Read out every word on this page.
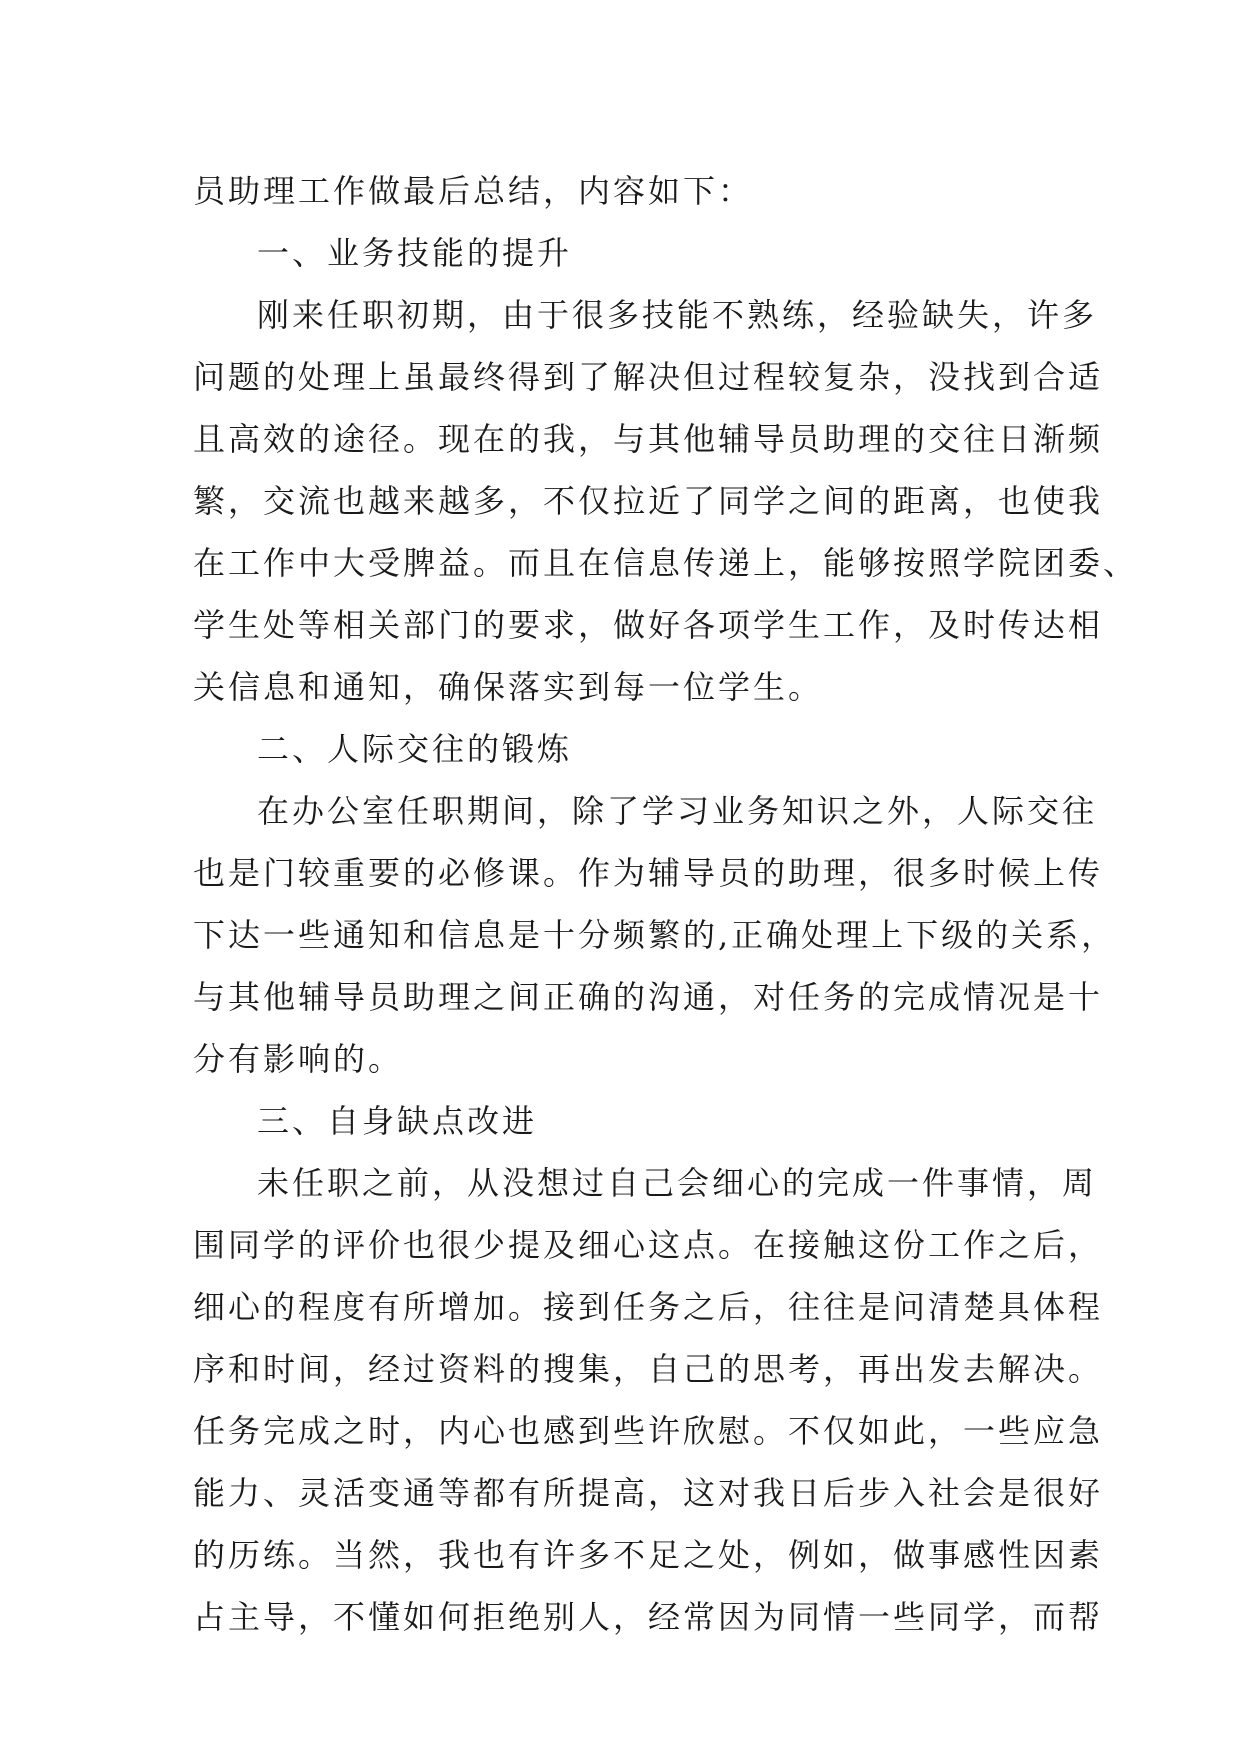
员助理工作做最后总结，内容如下：
一、业务技能的提升
刚来任职初期，由于很多技能不熟练，经验缺失，许多
问题的处理上虽最终得到了解决但过程较复杂，没找到合适
且高效的途径。现在的我，与其他辅导员助理的交往日渐频
繁，交流也越来越多，不仅拉近了同学之间的距离，也使我
在工作中大受脾益。而且在信息传递上，能够按照学院团委、
学生处等相关部门的要求，做好各项学生工作，及时传达相
关信息和通知，确保落实到每一位学生。
二、人际交往的锻炼
在办公室任职期间，除了学习业务知识之外，人际交往
也是门较重要的必修课。作为辅导员的助理，很多时候上传
下达一些通知和信息是十分频繁的,正确处理上下级的关系，
与其他辅导员助理之间正确的沟通，对任务的完成情况是十
分有影响的。
三、自身缺点改进
未任职之前，从没想过自己会细心的完成一件事情，周
围同学的评价也很少提及细心这点。在接触这份工作之后，
细心的程度有所增加。接到任务之后，往往是问清楚具体程
序和时间，经过资料的搜集，自己的思考，再出发去解决。
任务完成之时，内心也感到些许欣慰。不仅如此，一些应急
能力、灵活变通等都有所提高，这对我日后步入社会是很好
的历练。当然，我也有许多不足之处，例如，做事感性因素
占主导，不懂如何拒绝别人，经常因为同情一些同学，而帮
